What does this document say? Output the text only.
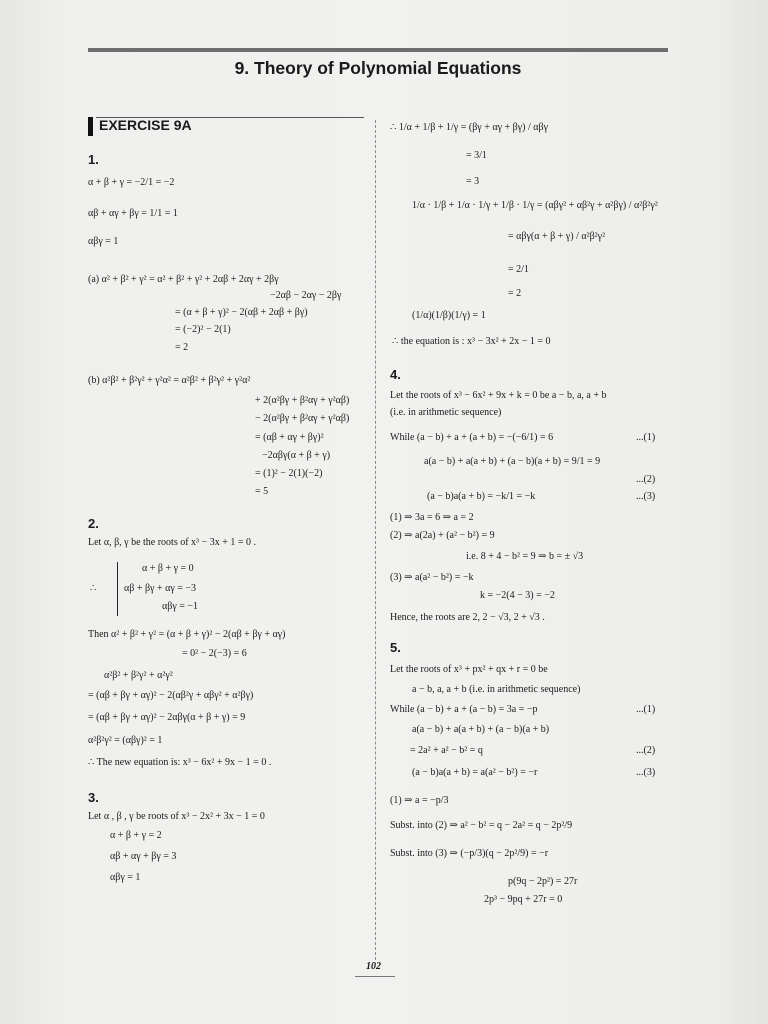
9. Theory of Polynomial Equations
EXERCISE 9A
1.
α + β + γ = −2/1 = −2
αβ + αγ + βγ = 1/1 = 1
αβγ = 1
(a) α² + β² + γ² = α² + β² + γ² + 2αβ + 2αγ + 2βγ
−2αβ − 2αγ − 2βγ
= (α + β + γ)² − 2(αβ + 2αβ + βγ)
= (−2)² − 2(1)
= 2
(b) α²β² + β²γ² + γ²α² = α²β² + β²γ² + γ²α²
+ 2(α²βγ + β²αγ + γ²αβ)
− 2(α²βγ + β²αγ + γ²αβ)
= (αβ + αγ + βγ)²
−2αβγ(α + β + γ)
= (1)² − 2(1)(−2)
= 5
2.
Let α, β, γ be the roots of x³ − 3x + 1 = 0 .
α + β + γ = 0
αβ + βγ + αγ = −3
αβγ = −1
∴
Then α² + β² + γ² = (α + β + γ)² − 2(αβ + βγ + αγ)
= 0² − 2(−3) = 6
α²β² + β²γ² + α²γ²
= (αβ + βγ + αγ)² − 2(αβ²γ + αβγ² + α²βγ)
= (αβ + βγ + αγ)² − 2αβγ(α + β + γ) = 9
α²β²γ² = (αβγ)² = 1
∴ The new equation is: x³ − 6x² + 9x − 1 = 0 .
3.
Let α , β , γ be roots of x³ − 2x² + 3x − 1 = 0
α + β + γ = 2
αβ + αγ + βγ = 3
αβγ = 1
∴ 1/α + 1/β + 1/γ = (βγ + αγ + βγ) / αβγ
= 3/1
= 3
1/α · 1/β + 1/α · 1/γ + 1/β · 1/γ = (αβγ² + αβ²γ + α²βγ) / α²β²γ²
= αβγ(α + β + γ) / α²β²γ²
= 2/1
= 2
(1/α)(1/β)(1/γ) = 1
∴ the equation is : x³ − 3x² + 2x − 1 = 0
4.
Let the roots of x³ − 6x² + 9x + k = 0 be a − b, a, a + b
(i.e. in arithmetic sequence)
While (a − b) + a + (a + b) = −(−6/1) = 6	...(1)
a(a − b) + a(a + b) + (a − b)(a + b) = 9/1 = 9
...(2)
(a − b)a(a + b) = −k/1 = −k	...(3)
(1) ⇒ 3a = 6 ⇒ a = 2
(2) ⇒ a(2a) + (a² − b²) = 9
i.e. 8 + 4 − b² = 9 ⇒ b = ± √3
(3) ⇒ a(a² − b²) = −k
k = −2(4 − 3) = −2
Hence, the roots are 2, 2 − √3, 2 + √3 .
5.
Let the roots of x³ + px² + qx + r = 0 be
a − b, a, a + b (i.e. in arithmetic sequence)
While (a − b) + a + (a − b) = 3a = −p	...(1)
a(a − b) + a(a + b) + (a − b)(a + b)
= 2a² + a² − b² = q	...(2)
(a − b)a(a + b) = a(a² − b²) = −r	...(3)
(1) ⇒ a = −p/3
Subst. into (2) ⇒ a² − b² = q − 2a² = q − 2p²/9
Subst. into (3) ⇒ (−p/3)(q − 2p²/9) = −r
p(9q − 2p²) = 27r
2p³ − 9pq + 27r = 0
102
